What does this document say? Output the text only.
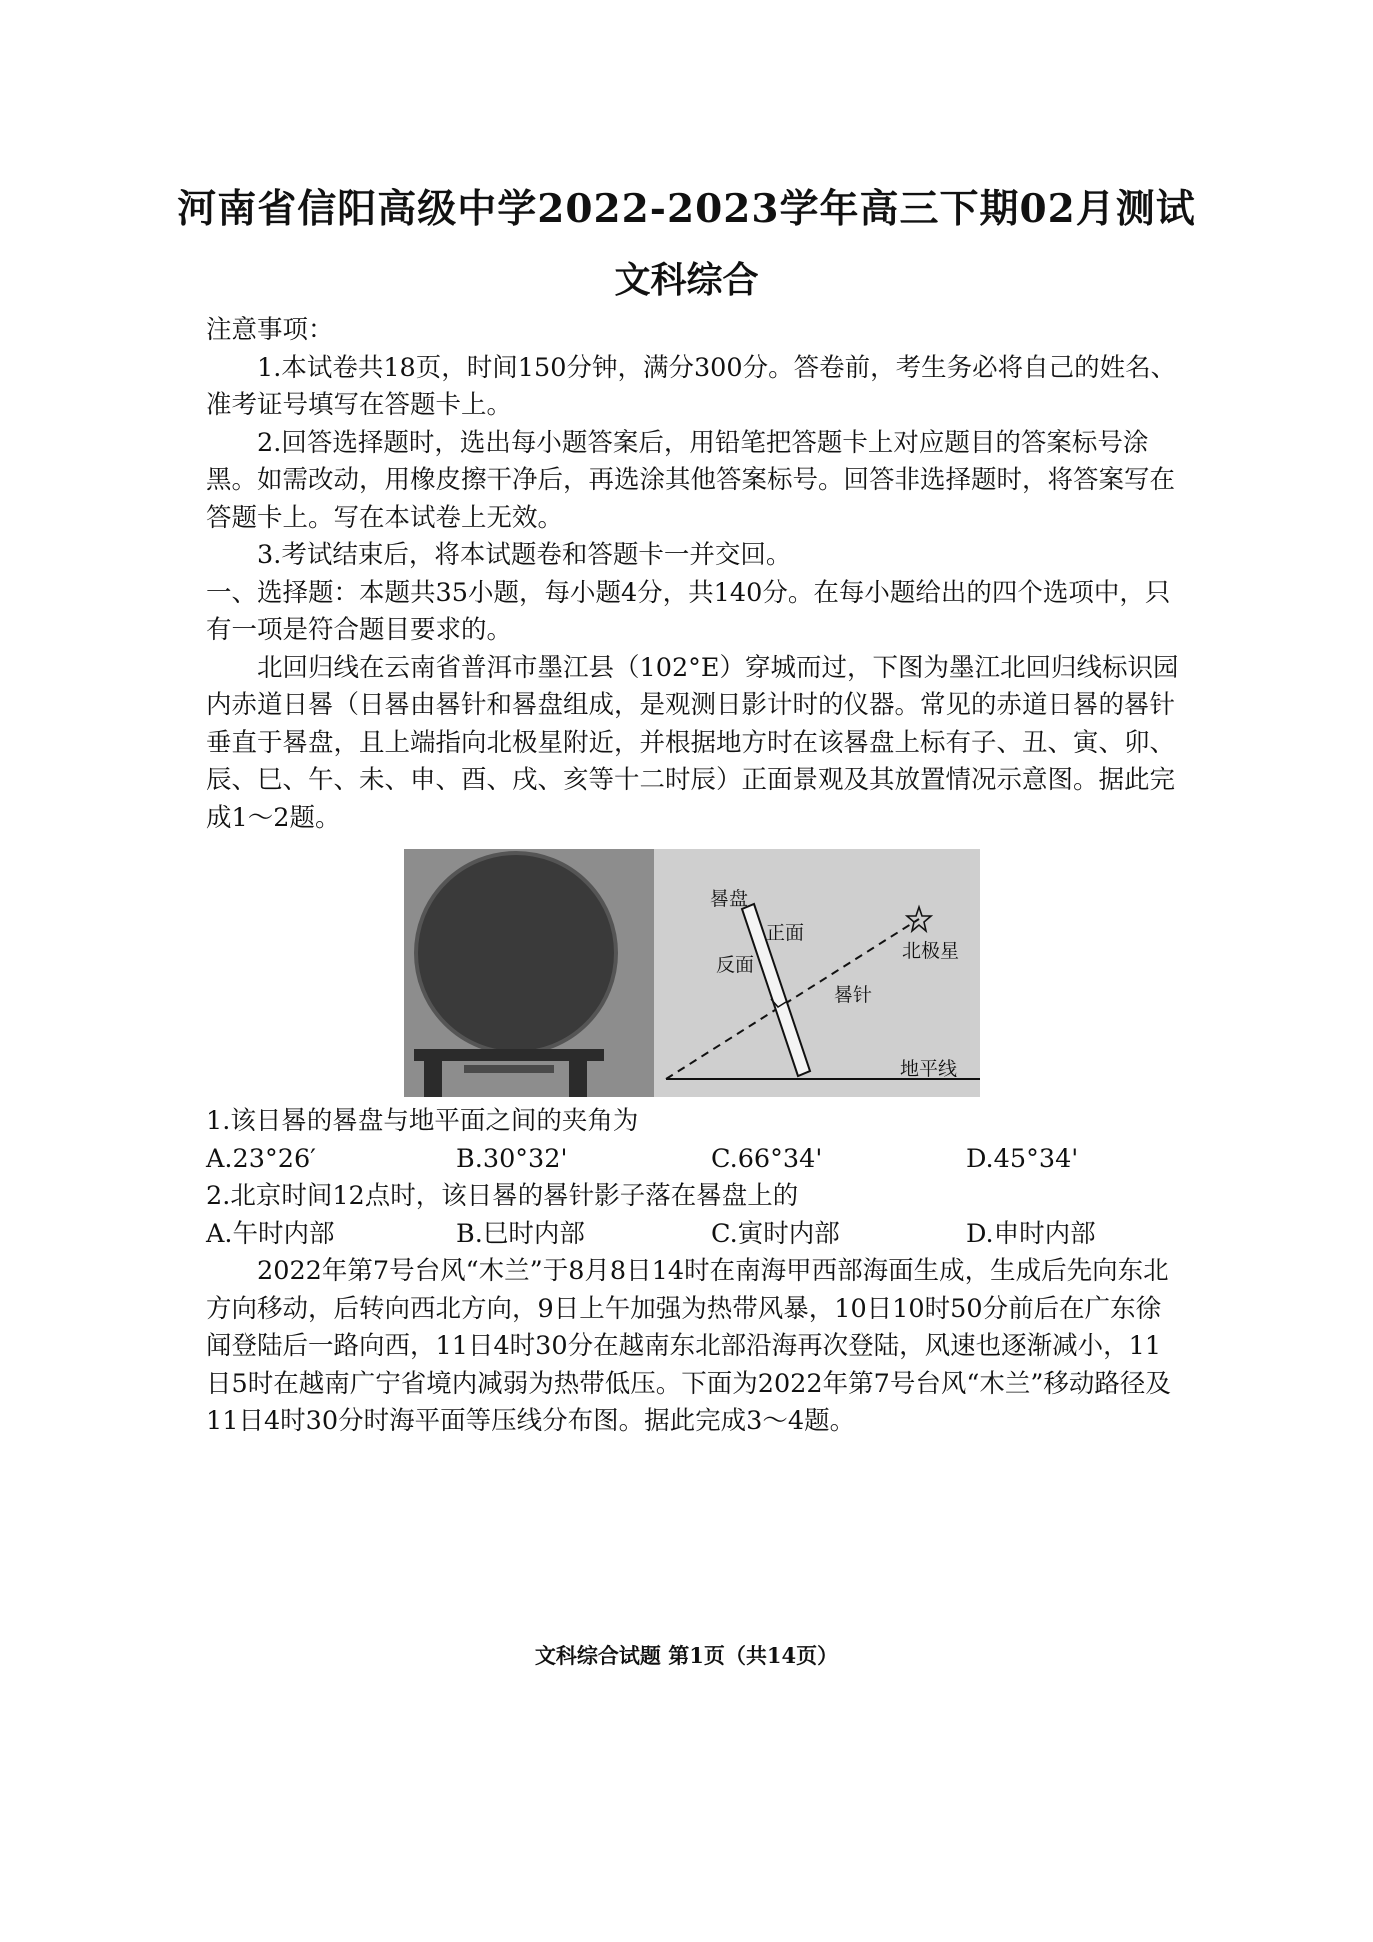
河南省信阳高级中学2022-2023学年高三下期02月测试
文科综合

注意事项：

1.本试卷共18页，时间150分钟，满分300分。答卷前，考生务必将自己的姓名、准考证号填写在答题卡上。

2.回答选择题时，选出每小题答案后，用铅笔把答题卡上对应题目的答案标号涂黑。如需改动，用橡皮擦干净后，再选涂其他答案标号。回答非选择题时，将答案写在答题卡上。写在本试卷上无效。

3.考试结束后，将本试题卷和答题卡一并交回。

一、选择题：本题共35小题，每小题4分，共140分。在每小题给出的四个选项中，只有一项是符合题目要求的。

北回归线在云南省普洱市墨江县（102°E）穿城而过，下图为墨江北回归线标识园内赤道日晷（日晷由晷针和晷盘组成，是观测日影计时的仪器。常见的赤道日晷的晷针垂直于晷盘，且上端指向北极星附近，并根据地方时在该晷盘上标有子、丑、寅、卯、辰、巳、午、未、申、酉、戌、亥等十二时辰）正面景观及其放置情况示意图。据此完成1～2题。

晷盘
正面
反面
晷针
北极星
地平线

1.该日晷的晷盘与地平面之间的夹角为

A.23°26′	B.30°32'	C.66°34'	D.45°34'

2.北京时间12点时，该日晷的晷针影子落在晷盘上的

A.午时内部	B.巳时内部	C.寅时内部	D.申时内部

2022年第7号台风“木兰”于8月8日14时在南海甲西部海面生成，生成后先向东北方向移动，后转向西北方向，9日上午加强为热带风暴，10日10时50分前后在广东徐闻登陆后一路向西，11日4时30分在越南东北部沿海再次登陆，风速也逐渐减小，11日5时在越南广宁省境内减弱为热带低压。下面为2022年第7号台风“木兰”移动路径及11日4时30分时海平面等压线分布图。据此完成3～4题。

文科综合试题 第1页（共14页）
